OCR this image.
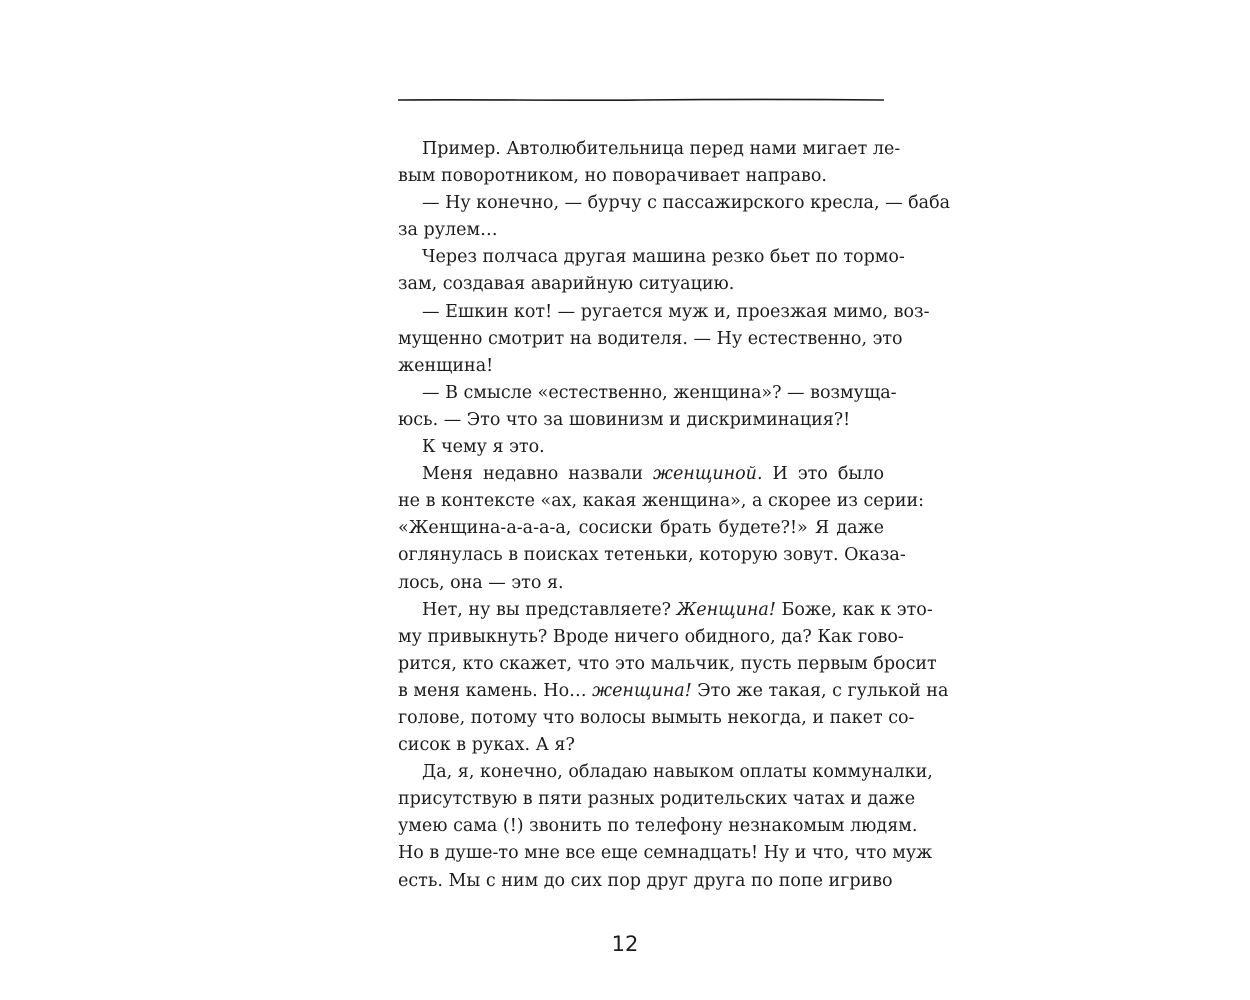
Пример. Автолюбительница перед нами мигает ле-
вым поворотником, но поворачивает направо.
— Ну конечно, — бурчу с пассажирского кресла, — баба
за рулем…
Через полчаса другая машина резко бьет по тормо-
зам, создавая аварийную ситуацию.
— Ешкин кот! — ругается муж и, проезжая мимо, воз-
мущенно смотрит на водителя. — Ну естественно, это
женщина!
— В смысле «естественно, женщина»? — возмуща-
юсь. — Это что за шовинизм и дискриминация?!
К чему я это.
Меня недавно назвали женщиной. И это было
не в контексте «ах, какая женщина», а скорее из серии:
«Женщина-а-а-а-а, сосиски брать будете?!» Я даже
оглянулась в поисках тетеньки, которую зовут. Оказа-
лось, она — это я.
Нет, ну вы представляете? Женщина! Боже, как к это-
му привыкнуть? Вроде ничего обидного, да? Как гово-
рится, кто скажет, что это мальчик, пусть первым бросит
в меня камень. Но… женщина! Это же такая, с гулькой на
голове, потому что волосы вымыть некогда, и пакет со-
сисок в руках. А я?
Да, я, конечно, обладаю навыком оплаты коммуналки,
присутствую в пяти разных родительских чатах и даже
умею сама (!) звонить по телефону незнакомым людям.
Но в душе-то мне все еще семнадцать! Ну и что, что муж
есть. Мы с ним до сих пор друг друга по попе игриво
12
